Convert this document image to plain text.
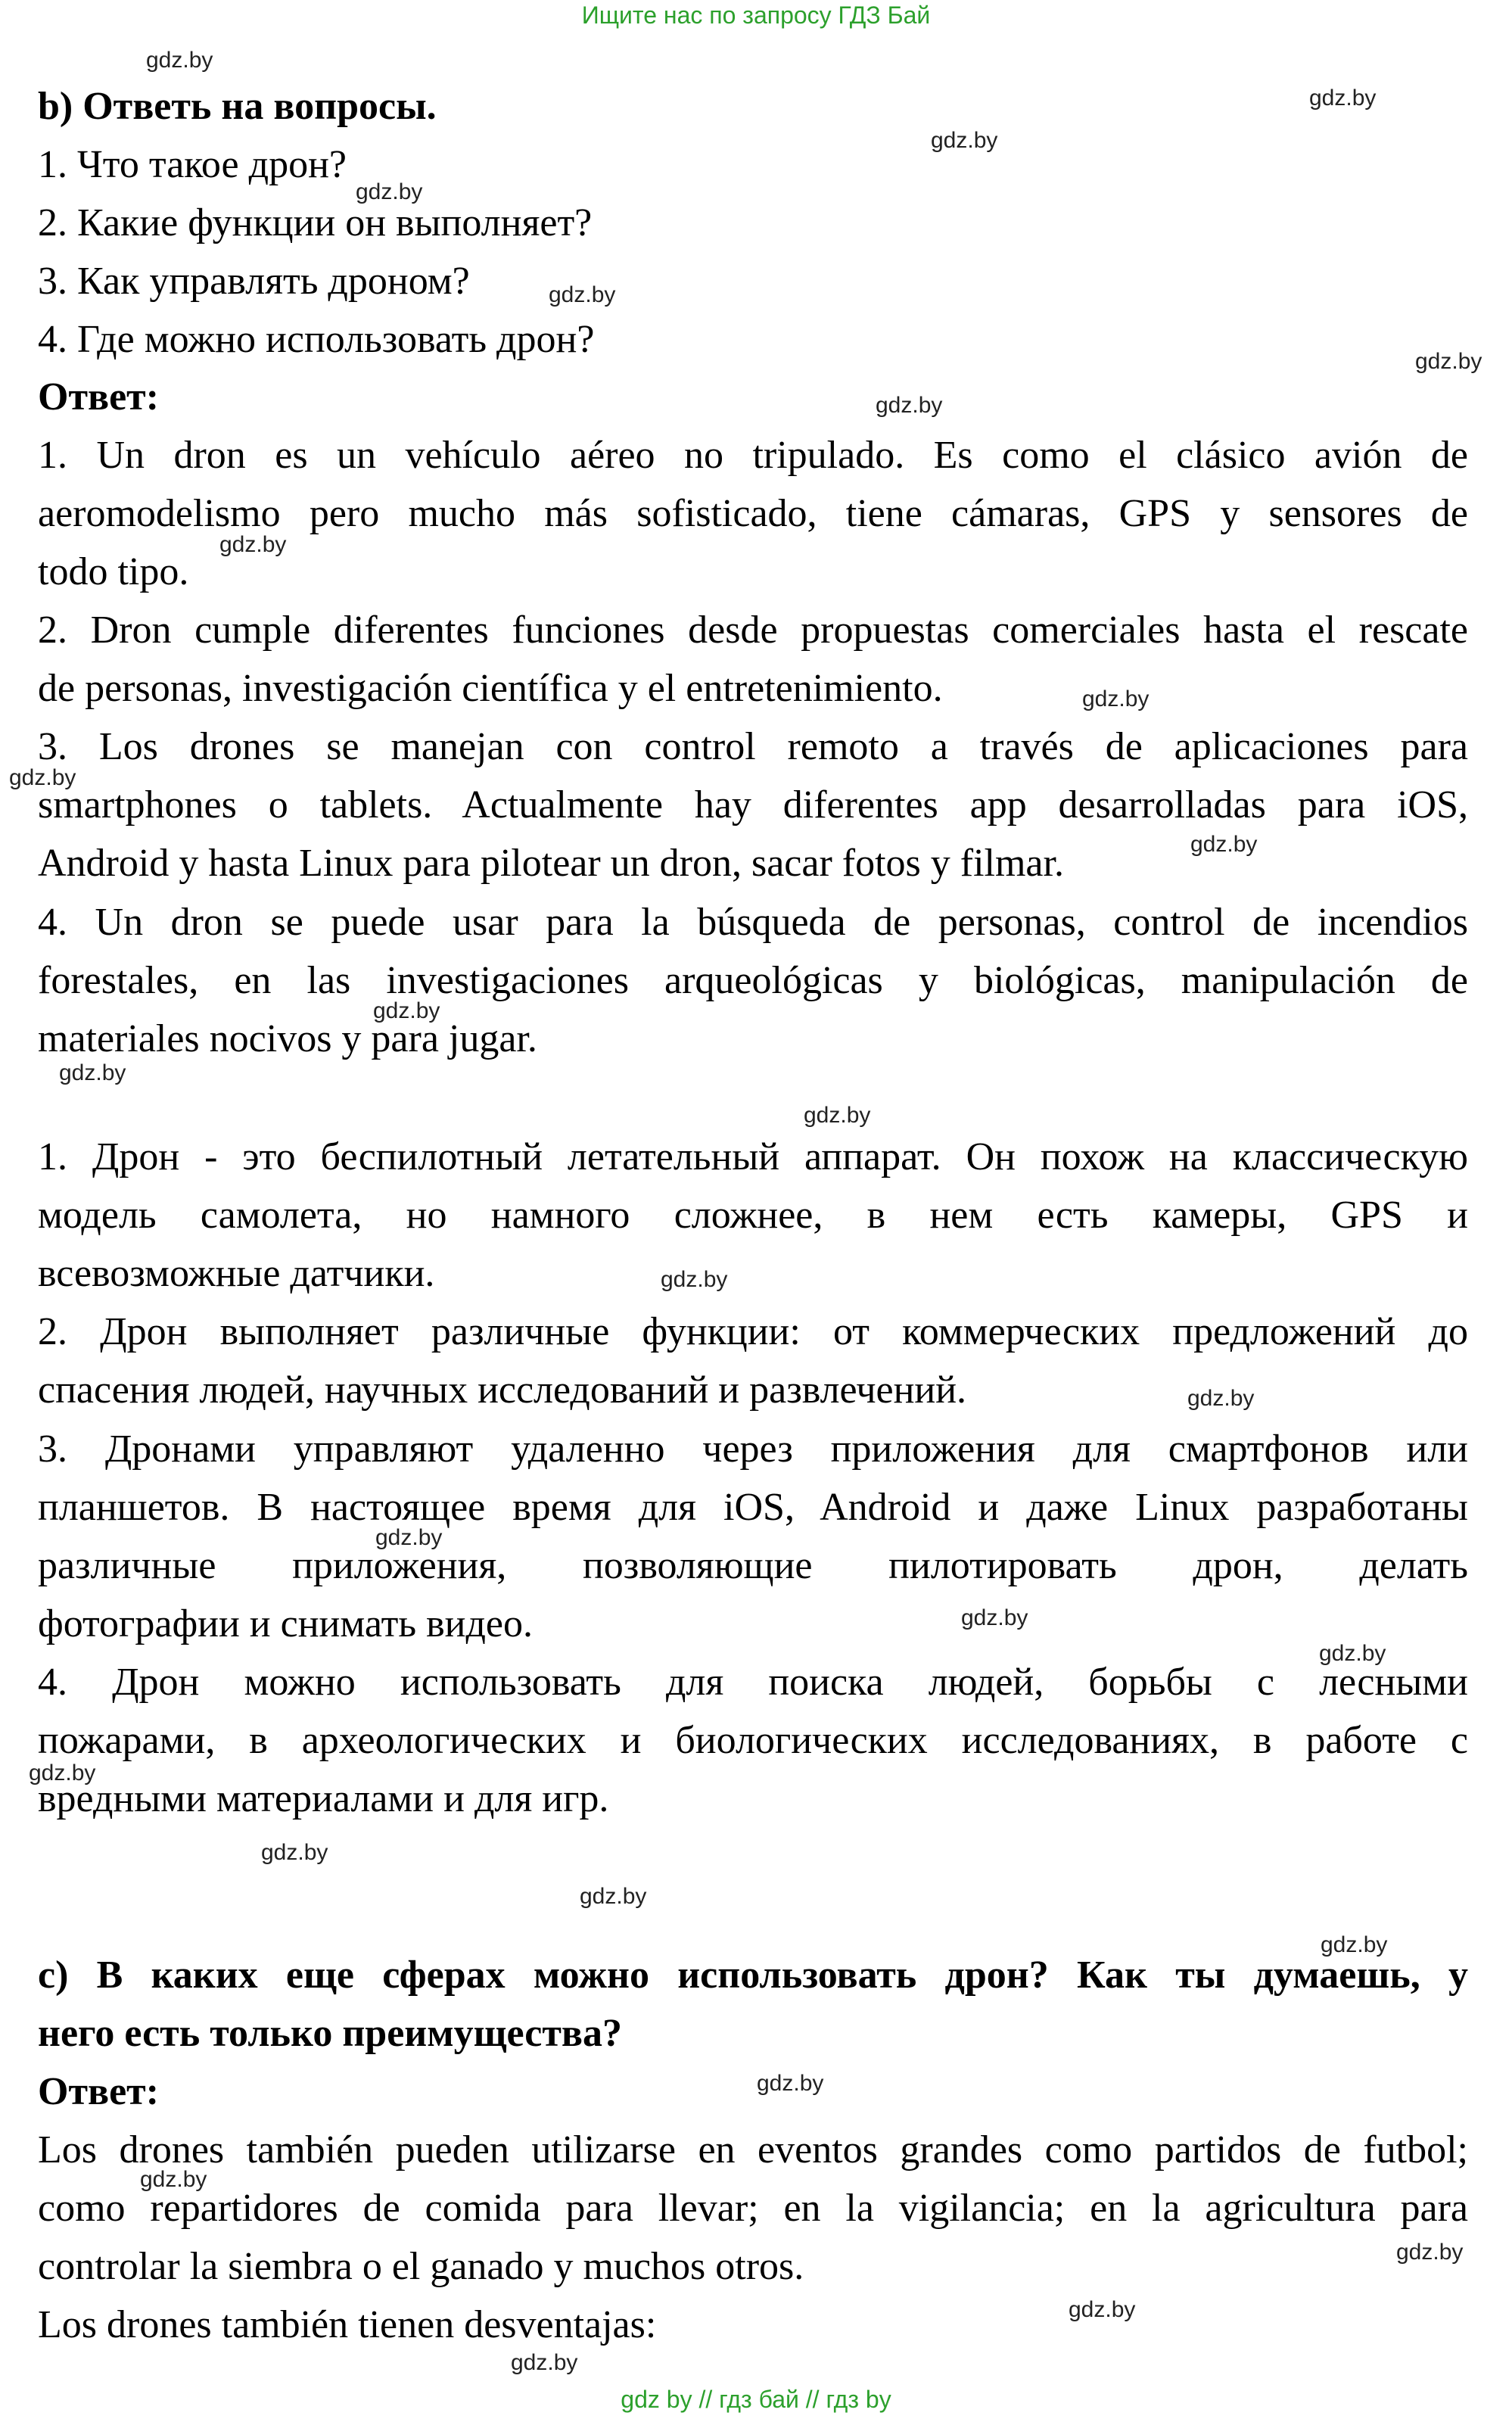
Ищите нас по запросу ГДЗ Бай
b) Ответь на вопросы.
1. Что такое дрон?
2. Какие функции он выполняет?
3. Как управлять дроном?
4. Где можно использовать дрон?
Ответ:
1. Un dron es un vehículo aéreo no tripulado. Es como el clásico avión de
aeromodelismo pero mucho más sofisticado, tiene cámaras, GPS y sensores de
todo tipo.
2. Dron cumple diferentes funciones desde propuestas comerciales hasta el rescate
de personas, investigación científica y el entretenimiento.
3. Los drones se manejan con control remoto a través de aplicaciones para
smartphones o tablets. Actualmente hay diferentes app desarrolladas para iOS,
Android y hasta Linux para pilotear un dron, sacar fotos y filmar.
4. Un dron se puede usar para la búsqueda de personas, control de incendios
forestales, en las investigaciones arqueológicas y biológicas, manipulación de
materiales nocivos y para jugar.
1. Дрон - это беспилотный летательный аппарат. Он похож на классическую
модель самолета, но намного сложнее, в нем есть камеры, GPS и
всевозможные датчики.
2. Дрон выполняет различные функции: от коммерческих предложений до
спасения людей, научных исследований и развлечений.
3. Дронами управляют удаленно через приложения для смартфонов или
планшетов. В настоящее время для iOS, Android и даже Linux разработаны
различные приложения, позволяющие пилотировать дрон, делать
фотографии и снимать видео.
4. Дрон можно использовать для поиска людей, борьбы с лесными
пожарами, в археологических и биологических исследованиях, в работе с
вредными материалами и для игр.
c) В каких еще сферах можно использовать дрон? Как ты думаешь, у
него есть только преимущества?
Ответ:
Los drones también pueden utilizarse en eventos grandes como partidos de futbol;
como repartidores de comida para llevar; en la vigilancia; en la agricultura para
controlar la siembra o el ganado y muchos otros.
Los drones también tienen desventajas:
gdz.by
gdz.by
gdz.by
gdz.by
gdz.by
gdz.by
gdz.by
gdz.by
gdz.by
gdz.by
gdz.by
gdz.by
gdz.by
gdz.by
gdz.by
gdz.by
gdz.by
gdz.by
gdz.by
gdz.by
gdz.by
gdz.by
gdz.by
gdz.by
gdz.by
gdz.by
gdz.by
gdz.by
gdz by // гдз бай // гдз by
